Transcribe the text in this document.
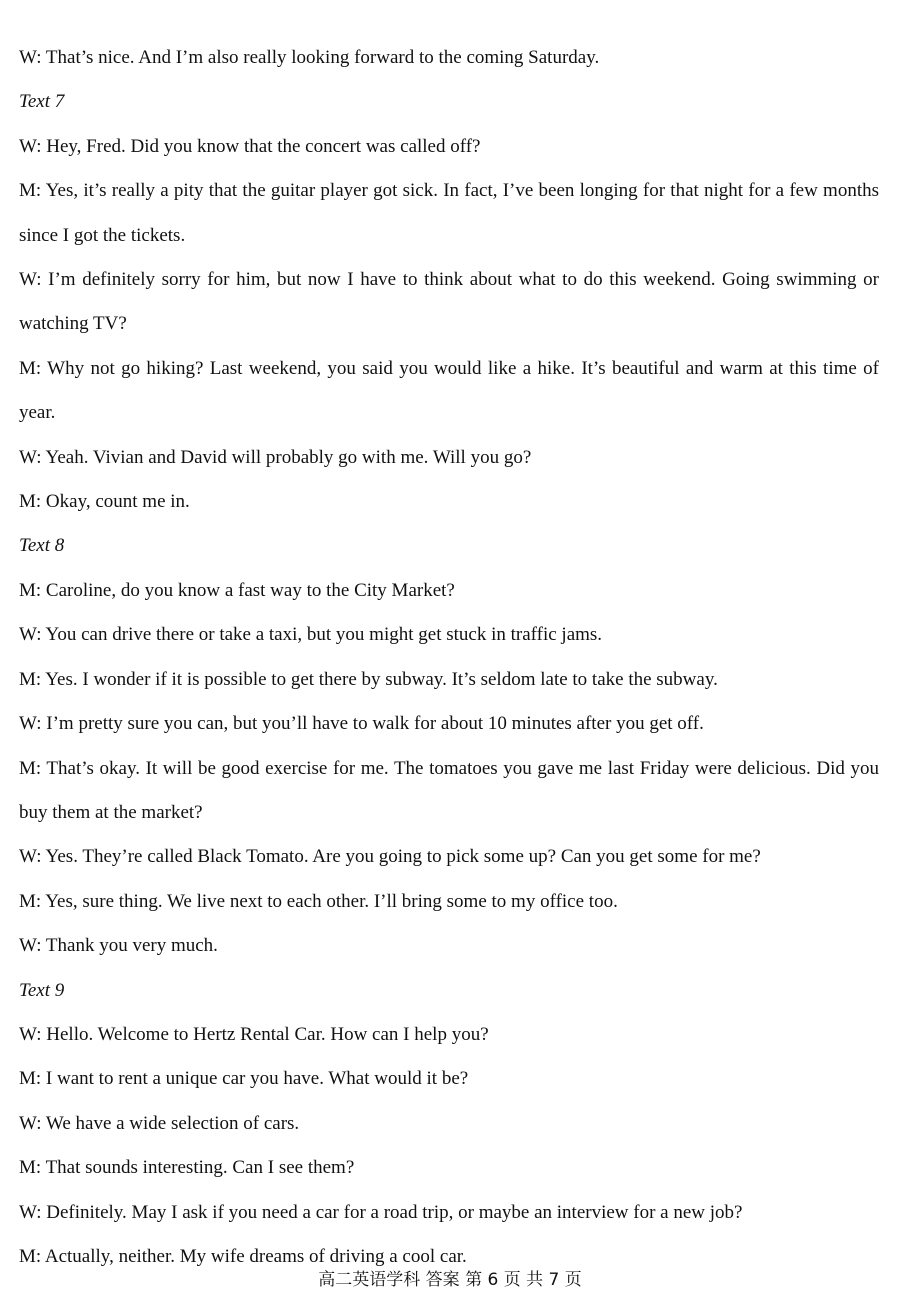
W: That’s nice. And I’m also really looking forward to the coming Saturday.

Text 7

W: Hey, Fred. Did you know that the concert was called off?

M: Yes, it’s really a pity that the guitar player got sick. In fact, I’ve been longing for that night for a few months since I got the tickets.

W: I’m definitely sorry for him, but now I have to think about what to do this weekend. Going swimming or watching TV?

M: Why not go hiking? Last weekend, you said you would like a hike. It’s beautiful and warm at this time of year.

W: Yeah. Vivian and David will probably go with me. Will you go?

M: Okay, count me in.

Text 8

M: Caroline, do you know a fast way to the City Market?

W: You can drive there or take a taxi, but you might get stuck in traffic jams.

M: Yes. I wonder if it is possible to get there by subway. It’s seldom late to take the subway.

W: I’m pretty sure you can, but you’ll have to walk for about 10 minutes after you get off.

M: That’s okay. It will be good exercise for me. The tomatoes you gave me last Friday were delicious. Did you buy them at the market?

W: Yes. They’re called Black Tomato. Are you going to pick some up? Can you get some for me?

M: Yes, sure thing. We live next to each other. I’ll bring some to my office too.

W: Thank you very much.

Text 9

W: Hello. Welcome to Hertz Rental Car. How can I help you?

M: I want to rent a unique car you have. What would it be?

W: We have a wide selection of cars.

M: That sounds interesting. Can I see them?

W: Definitely. May I ask if you need a car for a road trip, or maybe an interview for a new job?

M: Actually, neither. My wife dreams of driving a cool car.

高二英语学科 答案 第 6 页 共 7 页
